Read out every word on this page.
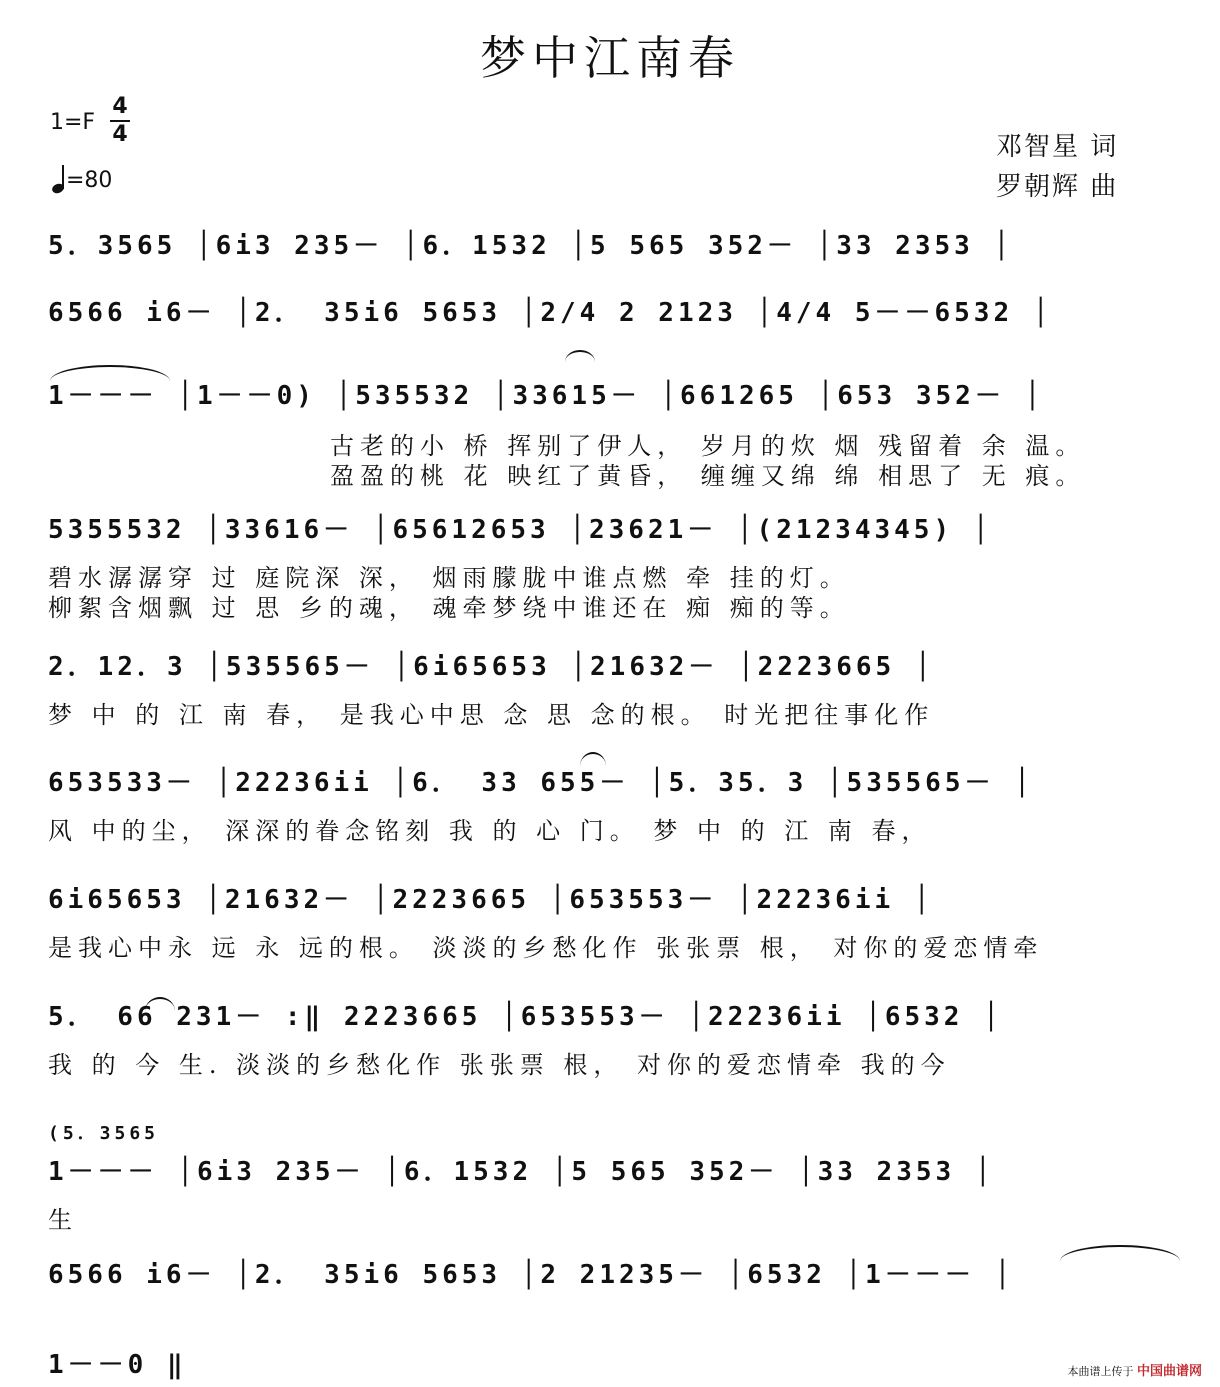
梦中江南春
1=F
4
4
=80
邓智星 词
罗朝辉 曲
5．3565 │6i3 235－ │6．1532 │5 565 352－ │33 2353 │
6566 i6－ │2． 35i6 5653 │2/4 2 2123 │4/4 5－－6532 │
1－－－ │1－－0) │535532 │33615－ │661265 │653 352－ │
古老的小 桥 挥别了伊人， 岁月的炊 烟 残留着 余 温。
盈盈的桃 花 映红了黄昏， 缠缠又绵 绵 相思了 无 痕。
5355532 │33616－ │65612653 │23621－ │(21234345) │
碧水潺潺穿 过 庭院深 深， 烟雨朦胧中谁点燃 牵 挂的灯。
柳絮含烟飘 过 思 乡的魂， 魂牵梦绕中谁还在 痴 痴的等。
2．12．3 │535565－ │6i65653 │21632－ │2223665 │
梦 中 的 江 南 春， 是我心中思 念 思 念的根。 时光把往事化作
653533－ │22236ii │6． 33 655－ │5．35．3 │535565－ │
风 中的尘， 深深的眷念铭刻 我 的 心 门。 梦 中 的 江 南 春，
6i65653 │21632－ │2223665 │653553－ │22236ii │
是我心中永 远 永 远的根。 淡淡的乡愁化作 张张票 根， 对你的爱恋情牵
5． 66 231－ :‖ 2223665 │653553－ │22236ii │6532 │
我 的 今 生. 淡淡的乡愁化作 张张票 根， 对你的爱恋情牵 我的今
(5．3565
1－－－ │6i3 235－ │6．1532 │5 565 352－ │33 2353 │
生
6566 i6－ │2． 35i6 5653 │2 21235－ │6532 │1－－－ │
1－－0 ‖	本曲谱上传于 中国曲谱网
